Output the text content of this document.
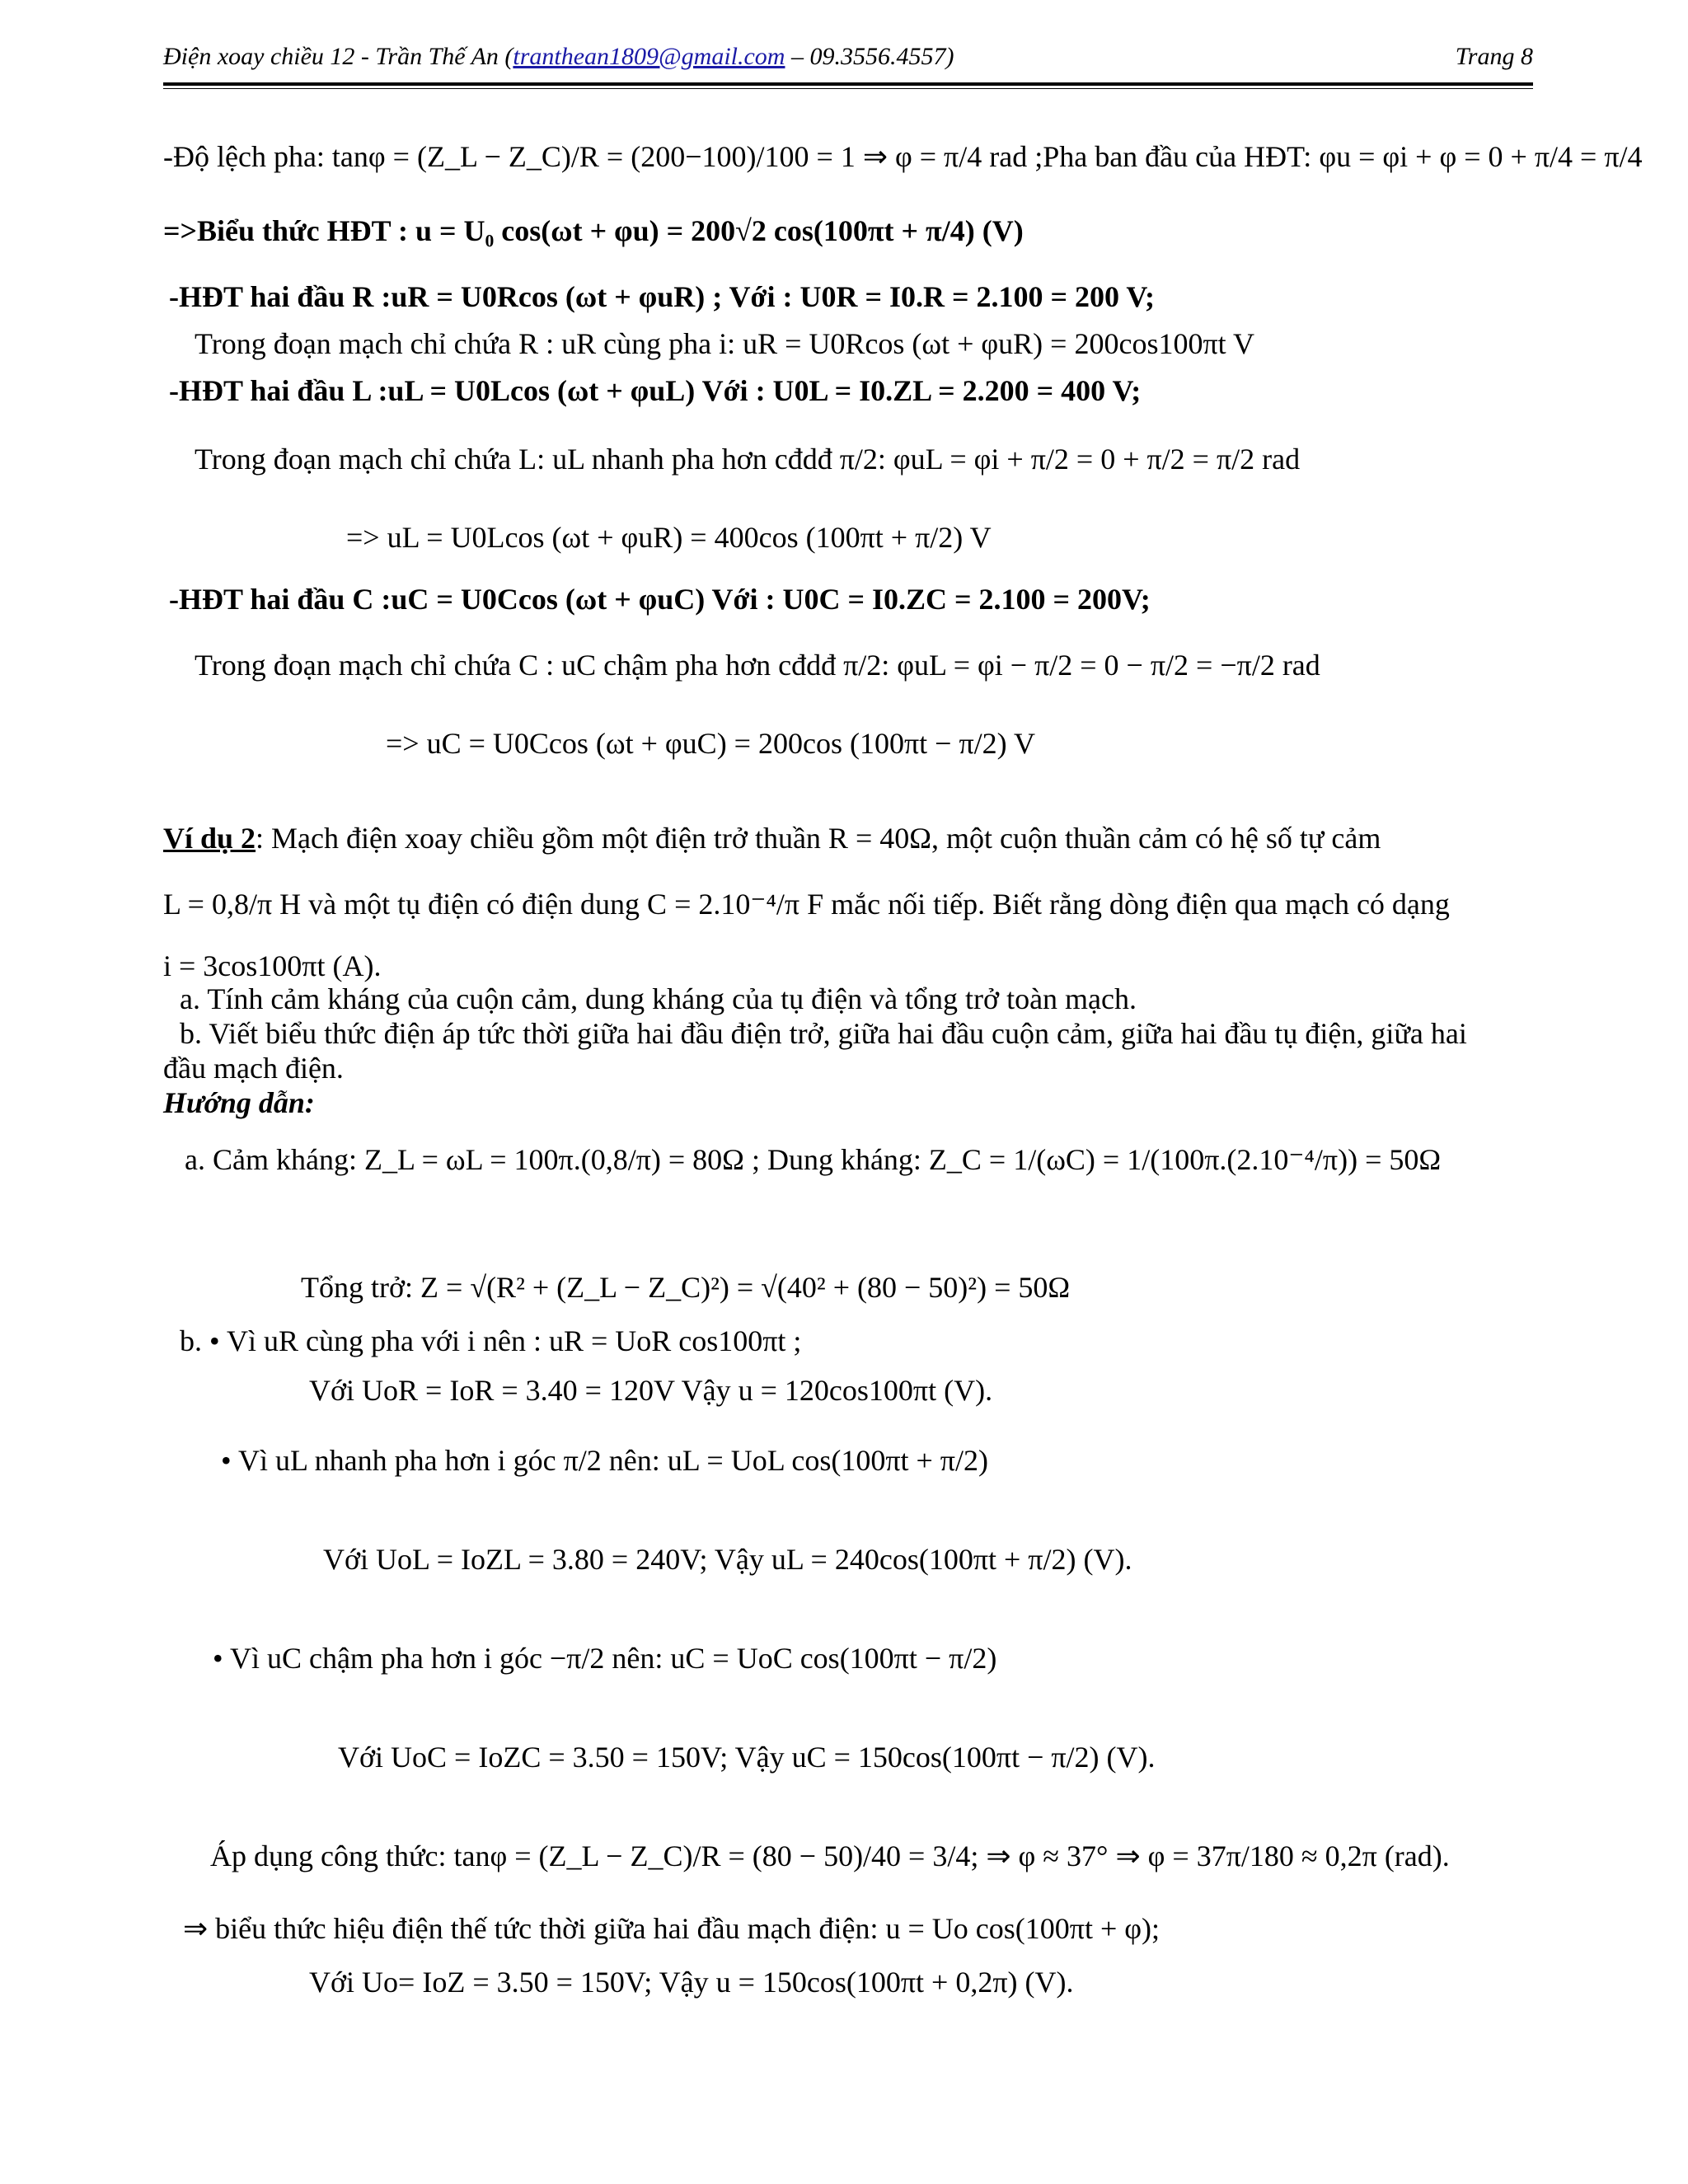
Điện xoay chiều 12 - Trần Thế An (tranthean1809@gmail.com – 09.3556.4557)	Trang 8
-Độ lệch pha: tanφ = (Z_L − Z_C)/R = (200−100)/100 = 1 ⇒ φ = π/4 rad ;Pha ban đầu của HĐT: φu = φi + φ = 0 + π/4 = π/4
=>Biểu thức HĐT : u = U₀ cos(ωt + φu) = 200√2 cos(100πt + π/4) (V)
-HĐT hai đầu R :uR = U0Rcos (ωt + φuR) ; Với : U0R = I0.R = 2.100 = 200 V;
Trong đoạn mạch chỉ chứa R : uR cùng pha i: uR = U0Rcos (ωt + φuR) = 200cos100πt V
-HĐT hai đầu L :uL = U0Lcos (ωt + φuL) Với : U0L = I0.ZL = 2.200 = 400 V;
Trong đoạn mạch chỉ chứa L: uL nhanh pha hơn cđdđ π/2: φuL = φi + π/2 = 0 + π/2 = π/2 rad
=> uL = U0Lcos (ωt + φuR) = 400cos (100πt + π/2) V
-HĐT hai đầu C :uC = U0Ccos (ωt + φuC) Với : U0C = I0.ZC = 2.100 = 200V;
Trong đoạn mạch chỉ chứa C : uC chậm pha hơn cđdđ π/2: φuL = φi − π/2 = 0 − π/2 = −π/2 rad
=> uC = U0Ccos (ωt + φuC) = 200cos (100πt − π/2) V
Ví dụ 2: Mạch điện xoay chiều gồm một điện trở thuần R = 40Ω, một cuộn thuần cảm có hệ số tự cảm
L = 0,8/π H và một tụ điện có điện dung C = 2.10⁻⁴/π F mắc nối tiếp. Biết rằng dòng điện qua mạch có dạng
i = 3cos100πt (A).
a. Tính cảm kháng của cuộn cảm, dung kháng của tụ điện và tổng trở toàn mạch.
b. Viết biểu thức điện áp tức thời giữa hai đầu điện trở, giữa hai đầu cuộn cảm, giữa hai đầu tụ điện, giữa hai
đầu mạch điện.
Hướng dẫn:
a. Cảm kháng: Z_L = ωL = 100π.(0,8/π) = 80Ω ; Dung kháng: Z_C = 1/(ωC) = 1/(100π.(2.10⁻⁴/π)) = 50Ω
Tổng trở: Z = √(R² + (Z_L − Z_C)²) = √(40² + (80 − 50)²) = 50Ω
b. • Vì uR cùng pha với i nên : uR = UoR cos100πt ;
Với UoR = IoR = 3.40 = 120V Vậy u = 120cos100πt (V).
• Vì uL nhanh pha hơn i góc π/2 nên: uL = UoL cos(100πt + π/2)
Với UoL = IoZL = 3.80 = 240V; Vậy uL = 240cos(100πt + π/2) (V).
• Vì uC chậm pha hơn i góc −π/2 nên: uC = UoC cos(100πt − π/2)
Với UoC = IoZC = 3.50 = 150V; Vậy uC = 150cos(100πt − π/2) (V).
Áp dụng công thức: tanφ = (Z_L − Z_C)/R = (80 − 50)/40 = 3/4; ⇒ φ ≈ 37° ⇒ φ = 37π/180 ≈ 0,2π (rad).
⇒ biểu thức hiệu điện thế tức thời giữa hai đầu mạch điện: u = Uo cos(100πt + φ);
Với Uo= IoZ = 3.50 = 150V; Vậy u = 150cos(100πt + 0,2π) (V).
